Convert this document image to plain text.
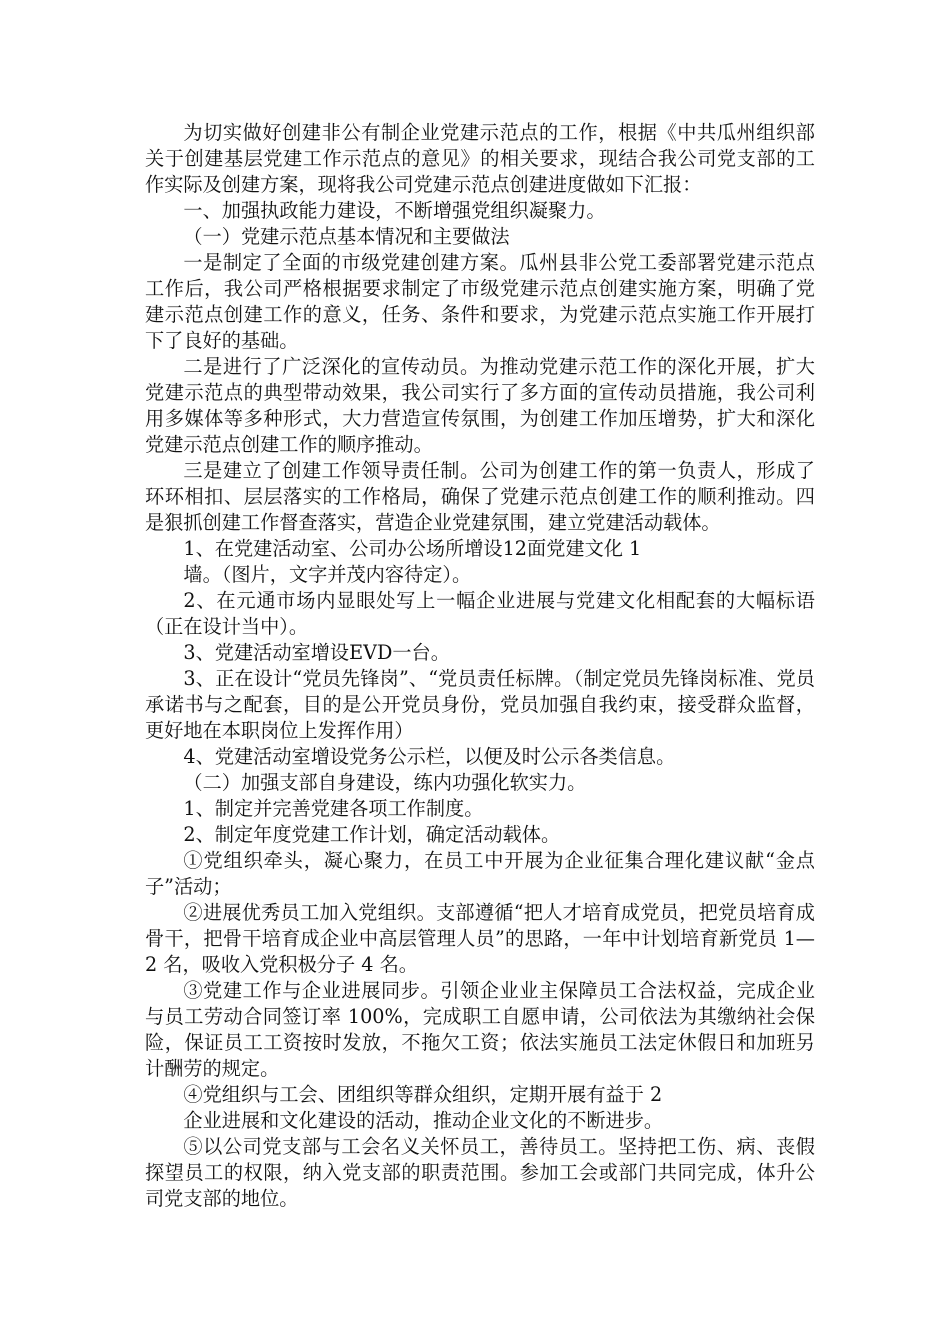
为切实做好创建非公有制企业党建示范点的工作，根据《中共瓜州组织部关于创建基层党建工作示范点的意见》的相关要求，现结合我公司党支部的工作实际及创建方案，现将我公司党建示范点创建进度做如下汇报：

一、加强执政能力建设，不断增强党组织凝聚力。

（一）党建示范点基本情况和主要做法

一是制定了全面的市级党建创建方案。瓜州县非公党工委部署党建示范点工作后，我公司严格根据要求制定了市级党建示范点创建实施方案，明确了党建示范点创建工作的意义，任务、条件和要求，为党建示范点实施工作开展打下了良好的基础。

二是进行了广泛深化的宣传动员。为推动党建示范工作的深化开展，扩大党建示范点的典型带动效果，我公司实行了多方面的宣传动员措施，我公司利用多媒体等多种形式，大力营造宣传氛围，为创建工作加压增势，扩大和深化党建示范点创建工作的顺序推动。

三是建立了创建工作领导责任制。公司为创建工作的第一负责人，形成了环环相扣、层层落实的工作格局，确保了党建示范点创建工作的顺利推动。四是狠抓创建工作督查落实，营造企业党建氛围，建立党建活动载体。

1、在党建活动室、公司办公场所增设12面党建文化 1

墙。（图片，文字并茂内容待定）。

2、在元通市场内显眼处写上一幅企业进展与党建文化相配套的大幅标语（正在设计当中）。

3、党建活动室增设EVD一台。

3、正在设计“党员先锋岗”、“党员责任标牌。（制定党员先锋岗标准、党员承诺书与之配套，目的是公开党员身份，党员加强自我约束，接受群众监督，更好地在本职岗位上发挥作用）

4、党建活动室增设党务公示栏，以便及时公示各类信息。

（二）加强支部自身建设，练内功强化软实力。

1、制定并完善党建各项工作制度。

2、制定年度党建工作计划，确定活动载体。

①党组织牵头，凝心聚力，在员工中开展为企业征集合理化建议献“金点子”活动；

②进展优秀员工加入党组织。支部遵循“把人才培育成党员，把党员培育成骨干，把骨干培育成企业中高层管理人员”的思路，一年中计划培育新党员 1—2 名，吸收入党积极分子 4 名。

③党建工作与企业进展同步。引领企业业主保障员工合法权益，完成企业与员工劳动合同签订率 100%，完成职工自愿申请，公司依法为其缴纳社会保险，保证员工工资按时发放，不拖欠工资；依法实施员工法定休假日和加班另计酬劳的规定。

④党组织与工会、团组织等群众组织，定期开展有益于 2

企业进展和文化建设的活动，推动企业文化的不断进步。

⑤以公司党支部与工会名义关怀员工，善待员工。坚持把工伤、病、丧假探望员工的权限，纳入党支部的职责范围。参加工会或部门共同完成，体升公司党支部的地位。
